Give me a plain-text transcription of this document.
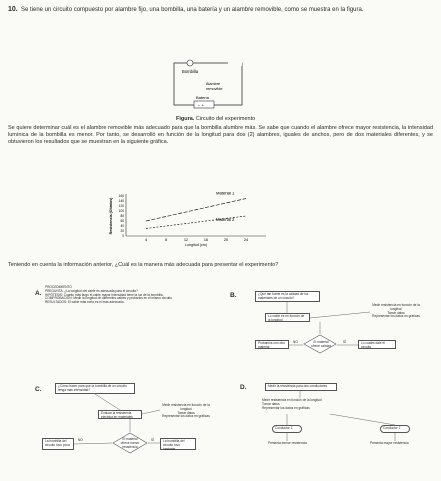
10. Se tiene un circuito compuesto por alambre fijo, una bombilla, una batería y un alambre removible, como se muestra en la figura.
Bombilla
Alambre
removible
Batería
− +
Figura. Circuito del experimento
Se quiere determinar cuál es el alambre removible más adecuado para que la bombilla alumbre más. Se sabe que cuando el alambre ofrece mayor resistencia, la intensidad lumínica de la bombilla es menor. Por tanto, se desarrolló en función de la longitud para dos (2) alambres, iguales de anchos, pero de dos materiales diferentes, y se obtuvieron los resultados que se muestran en la siguiente gráfica.
0
20
40
60
80
100
120
140
160
4	8	12	16	20	24
Longitud (cm)
Resistencia (Ohmios)
Material 1
Material 2
Teniendo en cuenta la información anterior, ¿Cuál es la manera más adecuada para presentar el experimento?
A.
PROCEDIMIENTO
PREGUNTA: ¿La longitud del cable es adecuada para el circuito?
HIPÓTESIS: Cuanto más largo el cable mayor intensidad tiene la luz de la bombilla.
COMPROBACIÓN: Medir la longitud de diferentes cables y probarlos en el mismo circuito.
RESULTADOS: El cable más corto es el más adecuado.
B.	¿Qué tan fuerte es la calidad de los materiales de un circuito?
Lo cable es en función de la longitud
Medir resistencia en función de la longitud
Tomar datos
Representar los datos en gráficas
Probamos con otro material
NO	El material ofrece calidad
SÍ	Lo cuales dale el circuito
C.	¿Cómo hacer para que la bombilla de un circuito tenga más intensidad?
Evaluar la resistencia eléctrica en materiales
Medir resistencia en función de la longitud
Tomar datos
Representar los datos en gráficas
La bombilla del circuito tuvo poca
NO	El material ofrece menor resistencia
SÍ	La bombilla del circuito tuvo bastante
D.	Medir la resistencia para dos conductores
Medir resistencia en función de la longitud
Tomar datos
Representar los datos en gráficas
Conductor 1	Conductor 2
Presenta menor resistencia	Presenta mayor resistencia
